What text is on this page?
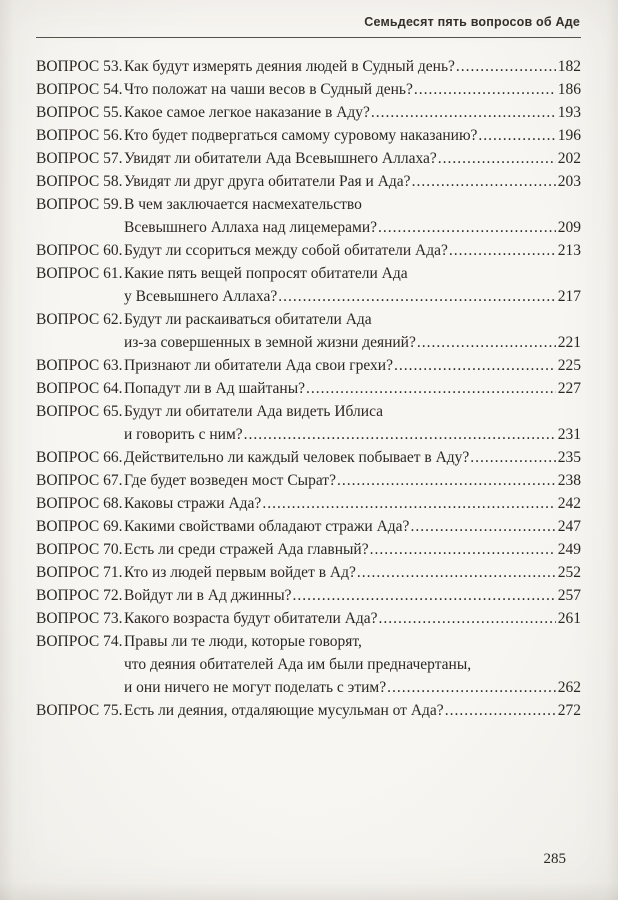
Семьдесят пять вопросов об Аде
ВОПРОС 53. Как будут измерять деяния людей в Судный день? .....	182
ВОПРОС 54. Что положат на чаши весов в Судный день? .....	186
ВОПРОС 55. Какое самое легкое наказание в Аду? .....	193
ВОПРОС 56. Кто будет подвергаться самому суровому наказанию? .....	196
ВОПРОС 57. Увидят ли обитатели Ада Всевышнего Аллаха? .....	202
ВОПРОС 58. Увидят ли друг друга обитатели Рая и Ада? .....	203
ВОПРОС 59. В чем заключается насмехательство
Всевышнего Аллаха над лицемерами? .....	209
ВОПРОС 60. Будут ли ссориться между собой обитатели Ада? .....	213
ВОПРОС 61. Какие пять вещей попросят обитатели Ада
у Всевышнего Аллаха? .....	217
ВОПРОС 62. Будут ли раскаиваться обитатели Ада
из-за совершенных в земной жизни деяний? .....	221
ВОПРОС 63. Признают ли обитатели Ада свои грехи? .....	225
ВОПРОС 64. Попадут ли в Ад шайтаны? .....	227
ВОПРОС 65. Будут ли обитатели Ада видеть Иблиса
и говорить с ним? .....	231
ВОПРОС 66. Действительно ли каждый человек побывает в Аду? .....	235
ВОПРОС 67. Где будет возведен мост Сырат? .....	238
ВОПРОС 68. Каковы стражи Ада? .....	242
ВОПРОС 69. Какими свойствами обладают стражи Ада? .....	247
ВОПРОС 70. Есть ли среди стражей Ада главный? .....	249
ВОПРОС 71. Кто из людей первым войдет в Ад? .....	252
ВОПРОС 72. Войдут ли в Ад джинны? .....	257
ВОПРОС 73. Какого возраста будут обитатели Ада? .....	261
ВОПРОС 74. Правы ли те люди, которые говорят,
что деяния обитателей Ада им были предначертаны,
и они ничего не могут поделать с этим? .....	262
ВОПРОС 75. Есть ли деяния, отдаляющие мусульман от Ада? .....	272
285
